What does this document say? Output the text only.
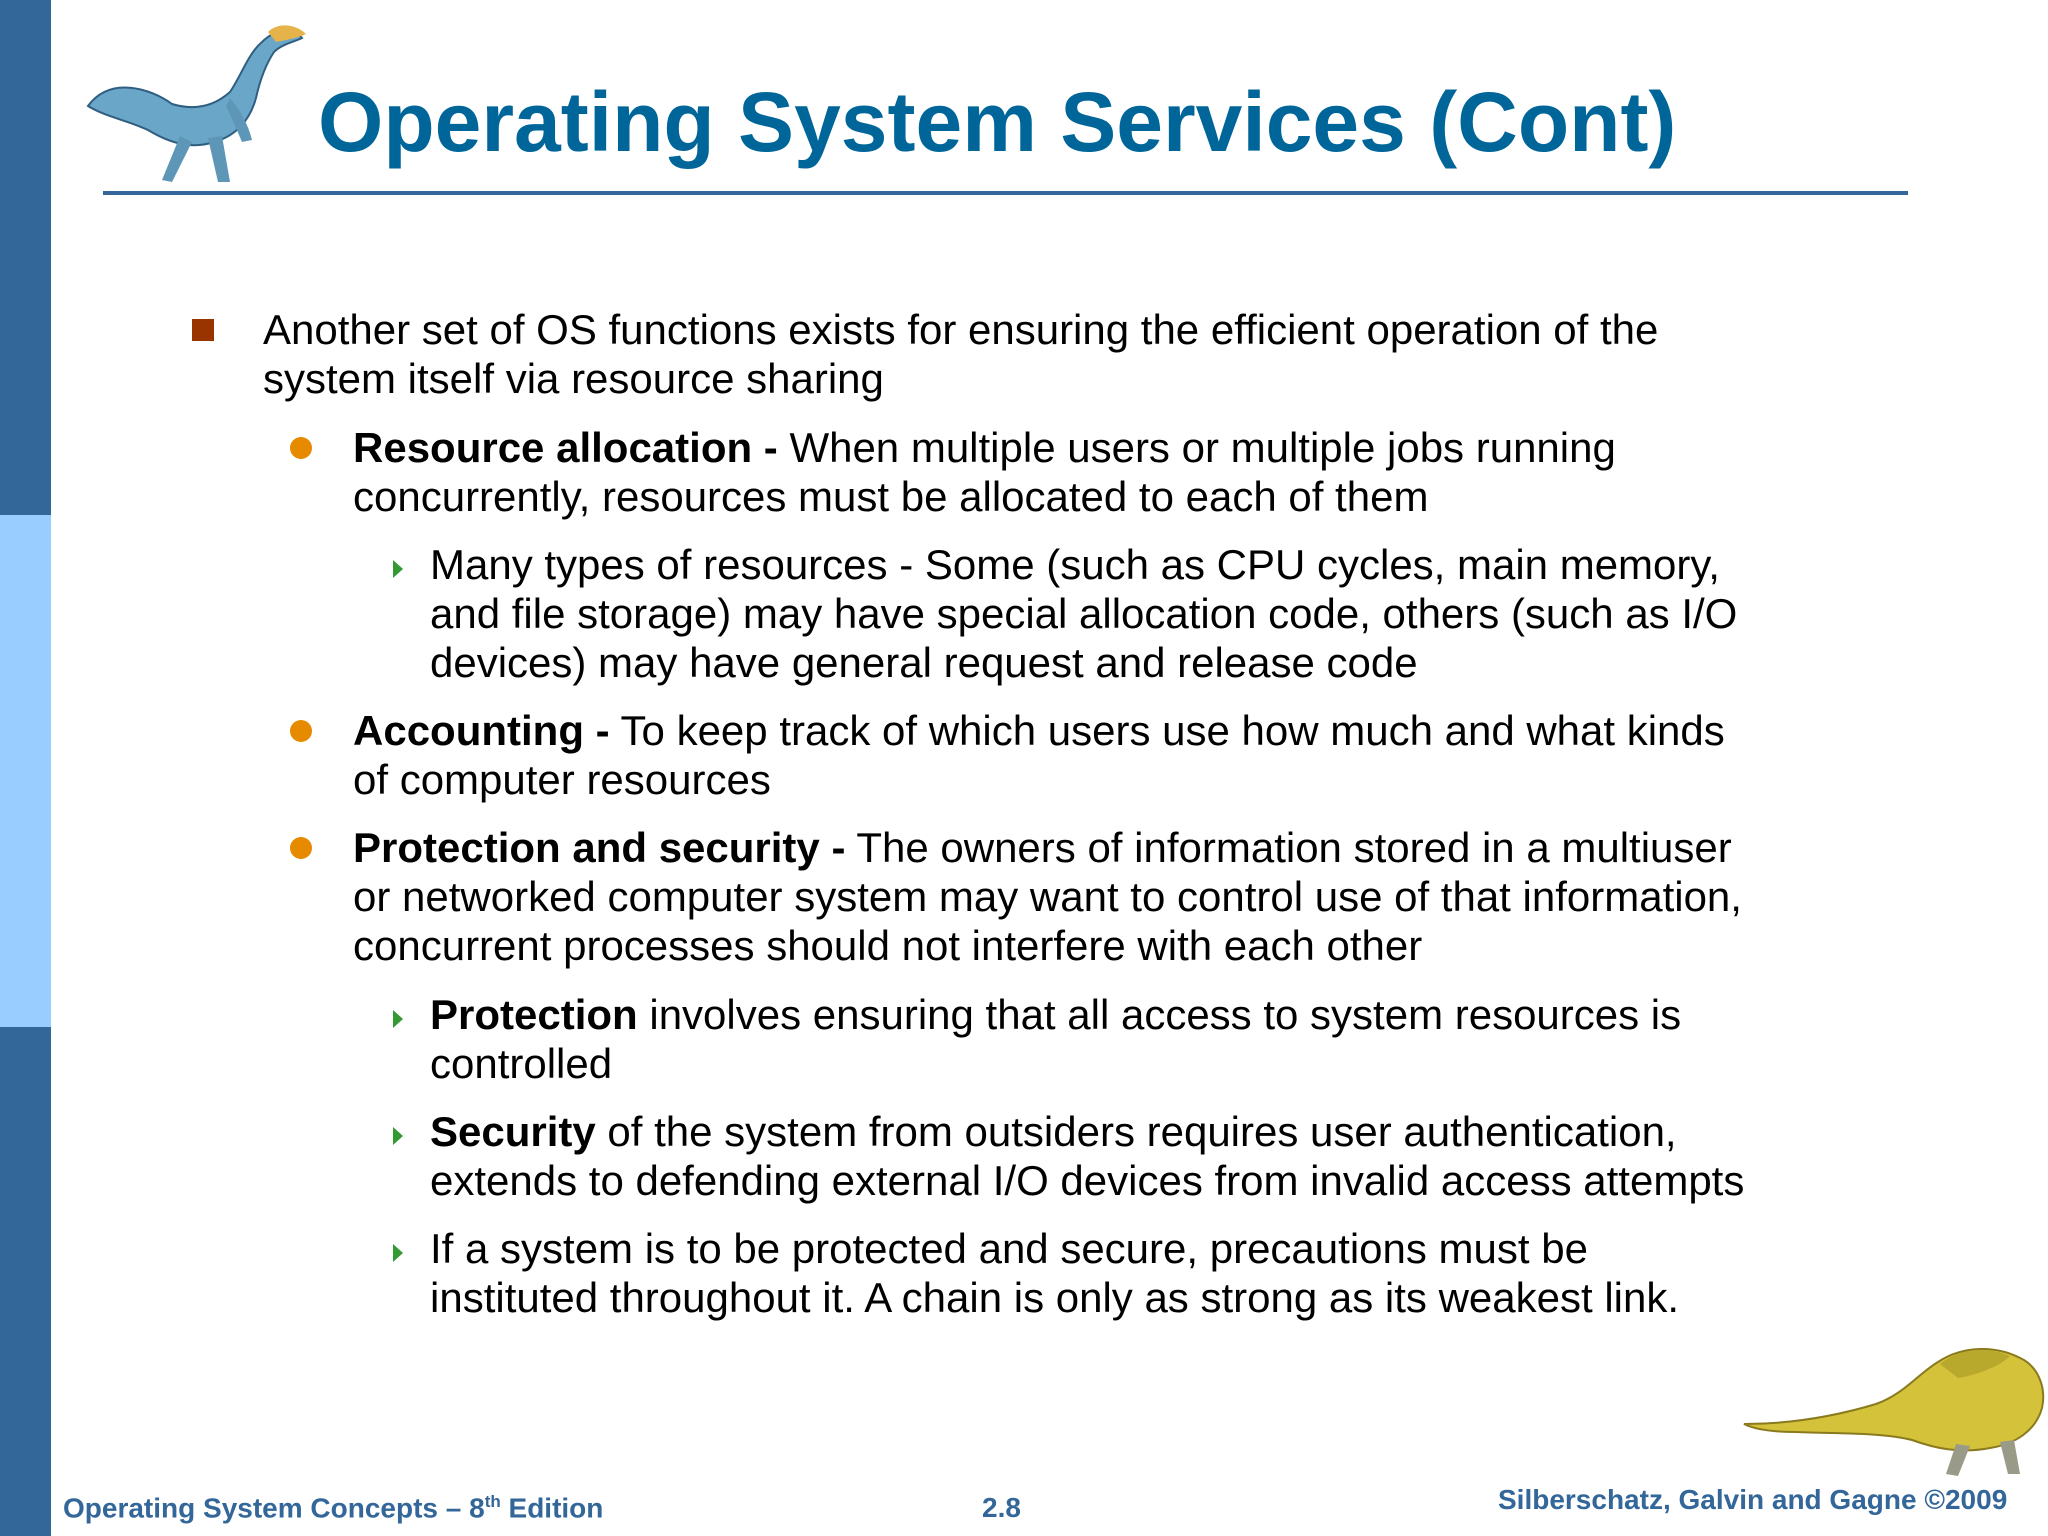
Operating System Services (Cont)
Another set of OS functions exists for ensuring the efficient operation of the
system itself via resource sharing
Resource allocation - When multiple users or multiple jobs running
concurrently, resources must be allocated to each of them
Many types of resources - Some (such as CPU cycles, main memory,
and file storage) may have special allocation code, others (such as I/O
devices) may have general request and release code
Accounting - To keep track of which users use how much and what kinds
of computer resources
Protection and security - The owners of information stored in a multiuser
or networked computer system may want to control use of that information,
concurrent processes should not interfere with each other
Protection involves ensuring that all access to system resources is
controlled
Security of the system from outsiders requires user authentication,
extends to defending external I/O devices from invalid access attempts
If a system is to be protected and secure, precautions must be
instituted throughout it. A chain is only as strong as its weakest link.
Operating System Concepts – 8th Edition	2.8	Silberschatz, Galvin and Gagne ©2009
